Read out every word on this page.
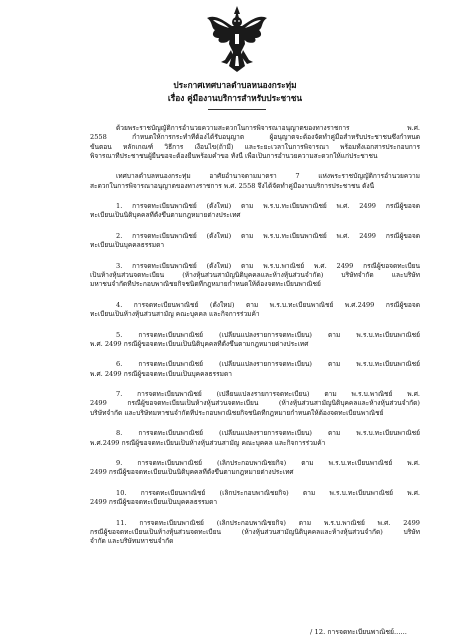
ประกาศเทศบาลตำบลหนองกระทุ่ม
เรื่อง คู่มืองานบริการสำหรับประชาชน
ด้วยพระราชบัญญัติการอำนวยความสะดวกในการพิจารณาอนุญาตของทางราชการ พ.ศ.
2558 กำหนดให้การกระทำที่ต้องได้รับอนุญาต ผู้อนุญาตจะต้องจัดทำคู่มือสำหรับประชาชนซึ่งกำหนด
ขั้นตอน หลักเกณฑ์ วิธีการ เงื่อนไข(ถ้ามี) และระยะเวลาในการพิจารณา พร้อมทั้งเอกสารประกอบการ
พิจารณาที่ประชาชนผู้ยื่นขอจะต้องยื่นพร้อมคำขอ ทั้งนี้ เพื่อเป็นการอำนวยความสะดวกให้แก่ประชาชน
เทศบาลตำบลหนองกระทุ่ม อาศัยอำนาจตามมาตรา 7 แห่งพระราชบัญญัติการอำนวยความ
สะดวกในการพิจารณาอนุญาตของทางราชการ พ.ศ. 2558 จึงได้จัดทำคู่มืองานบริการประชาชน ดังนี้
1. การจดทะเบียนพาณิชย์ (ตั้งใหม่) ตาม พ.ร.บ.ทะเบียนพาณิชย์ พ.ศ. 2499 กรณีผู้ขอจด
ทะเบียนเป็นนิติบุคคลที่ตั้งขึ้นตามกฎหมายต่างประเทศ
2. การจดทะเบียนพาณิชย์ (ตั้งใหม่) ตาม พ.ร.บ.ทะเบียนพาณิชย์ พ.ศ. 2499 กรณีผู้ขอจด
ทะเบียนเป็นบุคคลธรรมดา
3. การจดทะเบียนพาณิชย์ (ตั้งใหม่) ตาม พ.ร.บ.พาณิชย์ พ.ศ. 2499 กรณีผู้ขอจดทะเบียน
เป็นห้างหุ้นส่วนจดทะเบียน (ห้างหุ้นส่วนสามัญนิติบุคคลและห้างหุ้นส่วนจำกัด) บริษัทจำกัด และบริษัท
มหาชนจำกัดที่ประกอบพาณิชยกิจชนิดที่กฎหมายกำหนดให้ต้องจดทะเบียนพาณิชย์
4. การจดทะเบียนพาณิชย์ (ตั้งใหม่) ตาม พ.ร.บ.ทะเบียนพาณิชย์ พ.ศ.2499 กรณีผู้ขอจด
ทะเบียนเป็นห้างหุ้นส่วนสามัญ คณะบุคคล และกิจการร่วมค้า
5. การจดทะเบียนพาณิชย์ (เปลี่ยนแปลงรายการจดทะเบียน) ตาม พ.ร.บ.ทะเบียนพาณิชย์
พ.ศ. 2499 กรณีผู้ขอจดทะเบียนเป็นนิติบุคคลที่ตั้งขึ้นตามกฎหมายต่างประเทศ
6. การจดทะเบียนพาณิชย์ (เปลี่ยนแปลงรายการจดทะเบียน) ตาม พ.ร.บ.ทะเบียนพาณิชย์
พ.ศ. 2499 กรณีผู้ขอจดทะเบียนเป็นบุคคลธรรมดา
7. การจดทะเบียนพาณิชย์ (เปลี่ยนแปลงรายการจดทะเบียน) ตาม พ.ร.บ.พาณิชย์ พ.ศ.
2499 กรณีผู้ขอจดทะเบียนเป็นห้างหุ้นส่วนจดทะเบียน (ห้างหุ้นส่วนสามัญนิติบุคคลและห้างหุ้นส่วนจำกัด)
บริษัทจำกัด และบริษัทมหาชนจำกัดที่ประกอบพาณิชยกิจชนิดที่กฎหมายกำหนดให้ต้องจดทะเบียนพาณิชย์
8. การจดทะเบียนพาณิชย์ (เปลี่ยนแปลงรายการจดทะเบียน) ตาม พ.ร.บ.ทะเบียนพาณิชย์
พ.ศ.2499 กรณีผู้ขอจดทะเบียนเป็นห้างหุ้นส่วนสามัญ คณะบุคคล และกิจการร่วมค้า
9. การจดทะเบียนพาณิชย์ (เลิกประกอบพาณิชยกิจ) ตาม พ.ร.บ.ทะเบียนพาณิชย์ พ.ศ.
2499 กรณีผู้ขอจดทะเบียนเป็นนิติบุคคลที่ตั้งขึ้นตามกฎหมายต่างประเทศ
10. การจดทะเบียนพาณิชย์ (เลิกประกอบพาณิชยกิจ) ตาม พ.ร.บ.ทะเบียนพาณิชย์ พ.ศ.
2499 กรณีผู้ขอจดทะเบียนเป็นบุคคลธรรมดา
11. การจดทะเบียนพาณิชย์ (เลิกประกอบพาณิชยกิจ) ตาม พ.ร.บ.พาณิชย์ พ.ศ. 2499
กรณีผู้ขอจดทะเบียนเป็นห้างหุ้นส่วนจดทะเบียน (ห้างหุ้นส่วนสามัญนิติบุคคลและห้างหุ้นส่วนจำกัด) บริษัท
จำกัด และบริษัทมหาชนจำกัด
/ 12. การจดทะเบียนพาณิชย์......
